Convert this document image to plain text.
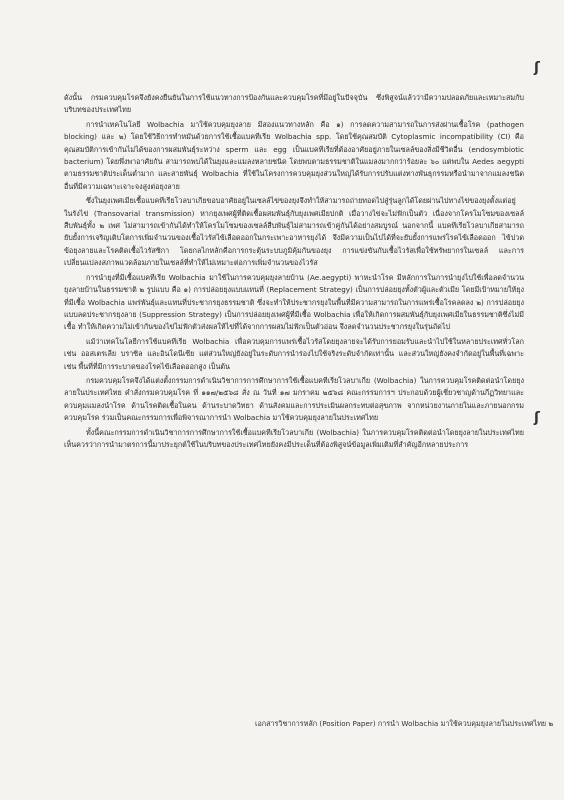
ʃ
ʃ

ดังนั้น กรมควบคุมโรคจึงยังคงยืนยันในการใช้แนวทางการป้องกันและควบคุมโรคที่มีอยู่ในปัจจุบัน ซึ่งพิสูจน์แล้วว่ามีความปลอดภัยและเหมาะสมกับบริบทของประเทศไทย

การนำเทคโนโลยี Wolbachia มาใช้ควบคุมยุงลาย มีสองแนวทางหลัก คือ ๑) การลดความสามารถในการส่งผ่านเชื้อโรค (pathogen blocking) และ ๒) โดยใช้วิธีการทำหมันด้วยการใช้เชื้อแบคทีเรีย Wolbachia spp. โดยใช้คุณสมบัติ Cytoplasmic incompatibility (CI) คือ คุณสมบัติการเข้ากันไม่ได้ของการผสมพันธุ์ระหว่าง sperm และ egg เป็นแบคทีเรียที่ต้องอาศัยอยู่ภายในเซลล์ของสิ่งมีชีวิตอื่น (endosymbiotic bacterium) โดยพึ่งพาอาศัยกัน สามารถพบได้ในยุงและแมลงหลายชนิด โดยพบตามธรรมชาติในแมลงมากกว่าร้อยละ ๖๐ แต่พบใน Aedes aegypti ตามธรรมชาติประเด็นต่ำมาก และสายพันธุ์ Wolbachia ที่ใช้ในโครงการควบคุมยุงส่วนใหญ่ได้รับการปรับแต่งทางพันธุกรรมหรือนำมาจากแมลงชนิดอื่นที่มีความเฉพาะเจาะจงสูงต่อยุงลาย

ซึ่งในยุงเพศเมียเชื้อแบคทีเรียโวลบาเกียขอบอาศัยอยู่ในเซลล์ไข่ของยุงจึงทำให้สามารถถ่ายทอดไปสู่รุ่นลูกได้โดยผ่านไปทางไข่ของยุงตั้งแต่อยู่ในรังไข่ (Transovarial transmission) หากยุงเพศผู้ที่ติดเชื้อผสมพันธุ์กับยุงเพศเมียปกติ เมื่อวางไข่จะไม่ฟักเป็นตัว เนื่องจากโครโมโซมของเซลล์สืบพันธุ์ทั้ง ๒ เพศ ไม่สามารถเข้ากันได้ทำให้โครโมโซมของเซลล์สืบพันธุ์ไม่สามารถเข้าคู่กันได้อย่างสมบูรณ์ นอกจากนี้ แบคทีเรียโวลบาเกียสามารถยับยั้งการเจริญเติบโตการเพิ่มจำนวนของเชื้อไวรัสไข้เลือดออกในกระเพาะอาหารยุงได้ จึงมีความเป็นไปได้ที่จะยับยั้งการแพร่โรคไข้เลือดออก ไข้ปวดข้อยุงลายและโรคติดเชื้อไวรัสซิกา โดยกลไกหลักคือการกระตุ้นระบบภูมิคุ้มกันของยุง การแข่งขันกับเชื้อไวรัสเพื่อใช้ทรัพยากรในเซลล์ และการเปลี่ยนแปลงสภาพแวดล้อมภายในเซลล์ที่ทำให้ไม่เหมาะต่อการเพิ่มจำนวนของไวรัส

การนำยุงที่มีเชื้อแบคทีเรีย Wolbachia มาใช้ในการควบคุมยุงลายบ้าน (Ae.aegypti) พาหะนำโรค มีหลักการในการนำยุงไปใช้เพื่อลดจำนวนยุงลายบ้านในธรรมชาติ ๒ รูปแบบ คือ ๑) การปล่อยยุงแบบแทนที่ (Replacement Strategy) เป็นการปล่อยยุงทั้งตัวผู้และตัวเมีย โดยมีเป้าหมายให้ยุงที่มีเชื้อ Wolbachia แพร่พันธุ์และแทนที่ประชากรยุงธรรมชาติ ซึ่งจะทำให้ประชากรยุงในพื้นที่มีความสามารถในการแพร่เชื้อโรคลดลง ๒) การปล่อยยุงแบบลดประชากรยุงลาย (Suppression Strategy) เป็นการปล่อยยุงเพศผู้ที่มีเชื้อ Wolbachia เพื่อให้เกิดการผสมพันธุ์กับยุงเพศเมียในธรรมชาติซึ่งไม่มีเชื้อ ทำให้เกิดความไม่เข้ากันของไข่ไม่ฟักตัวส่งผลให้ไข่ที่ได้จากการผสมไม่ฟักเป็นตัวอ่อน จึงลดจำนวนประชากรยุงในรุ่นถัดไป

แม้ว่าเทคโนโลยีการใช้แบคทีเรีย Wolbachia เพื่อควบคุมการแพร่เชื้อไวรัสโดยยุงลายจะได้รับการยอมรับและนำไปใช้ในหลายประเทศทั่วโลก เช่น ออสเตรเลีย บราซิล และอินโดนีเซีย แต่ส่วนใหญ่ยังอยู่ในระดับการนำร่องไปใช้จริงระดับจำกัดเท่านั้น และส่วนใหญ่ยังคงจำกัดอยู่ในพื้นที่เฉพาะ เช่น พื้นที่ที่มีการระบาดของโรคไข้เลือดออกสูง เป็นต้น

กรมควบคุมโรคจึงได้แต่งตั้งกรรมการดำเนินวิชาการการศึกษาการใช้เชื้อแบคทีเรียโวลบาเกีย (Wolbachia) ในการควบคุมโรคติดต่อนำโดยยุงลายในประเทศไทย คำสั่งกรมควบคุมโรค ที่ ๑๑๗/๒๕๖๘ สั่ง ณ วันที่ ๑๗ มกราคม ๒๕๖๘ คณะกรรมการฯ ประกอบด้วยผู้เชี่ยวชาญด้านกีฏวิทยาและควบคุมแมลงนำโรค ด้านโรคติดเชื้อในคน ด้านระบาดวิทยา ด้านสังคมและการประเมินผลกระทบต่อสุขภาพ จากหน่วยงานภายในและภายนอกกรมควบคุมโรค ร่วมเป็นคณะกรรมการเพื่อพิจารณาการนำ Wolbachia มาใช้ควบคุมยุงลายในประเทศไทย

ทั้งนี้คณะกรรมการดำเนินวิชาการการศึกษาการใช้เชื้อแบคทีเรียโวลบาเกีย (Wolbachia) ในการควบคุมโรคติดต่อนำโดยยุงลายในประเทศไทย เห็นควรว่าการนำมาตรการนี้มาประยุกต์ใช้ในบริบทของประเทศไทยยังคงมีประเด็นที่ต้องพิสูจน์ข้อมูลเพิ่มเติมที่สำคัญอีกหลายประการ

เอกสารวิชาการหลัก (Position Paper) การนำ Wolbachia มาใช้ควบคุมยุงลายในประเทศไทย ๒
